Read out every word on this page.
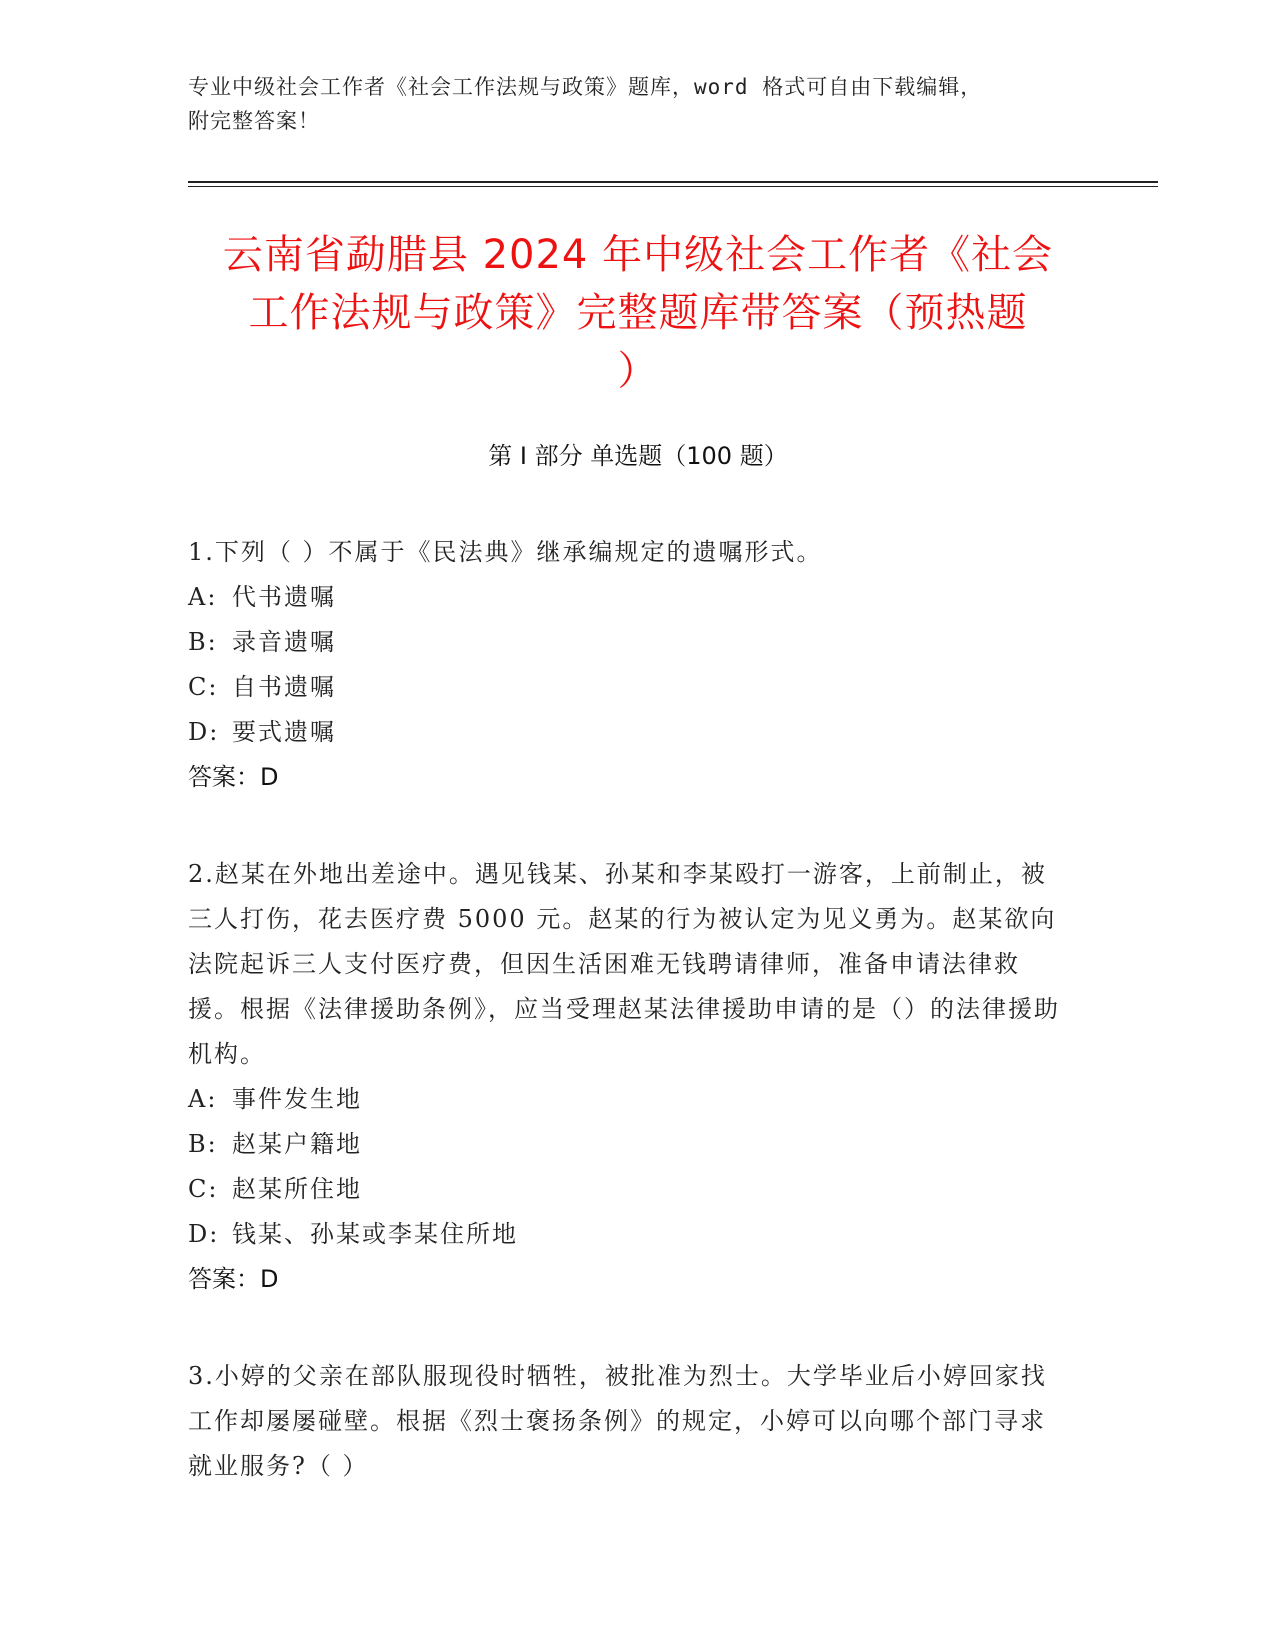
专业中级社会工作者《社会工作法规与政策》题库，word 格式可自由下载编辑，
附完整答案！
云南省勐腊县 2024 年中级社会工作者《社会
工作法规与政策》完整题库带答案（预热题
）
第 I 部分 单选题（100 题）
1.下列（ ）不属于《民法典》继承编规定的遗嘱形式。
A: 代书遗嘱
B: 录音遗嘱
C: 自书遗嘱
D: 要式遗嘱
答案：D
2.赵某在外地出差途中。遇见钱某、孙某和李某殴打一游客，上前制止，被三人打伤，花去医疗费 5000 元。赵某的行为被认定为见义勇为。赵某欲向法院起诉三人支付医疗费，但因生活困难无钱聘请律师，准备申请法律救援。根据《法律援助条例》，应当受理赵某法律援助申请的是（）的法律援助机构。
A: 事件发生地
B: 赵某户籍地
C: 赵某所住地
D: 钱某、孙某或李某住所地
答案：D
3.小婷的父亲在部队服现役时牺牲，被批准为烈士。大学毕业后小婷回家找工作却屡屡碰壁。根据《烈士褒扬条例》的规定，小婷可以向哪个部门寻求就业服务?（ ）
